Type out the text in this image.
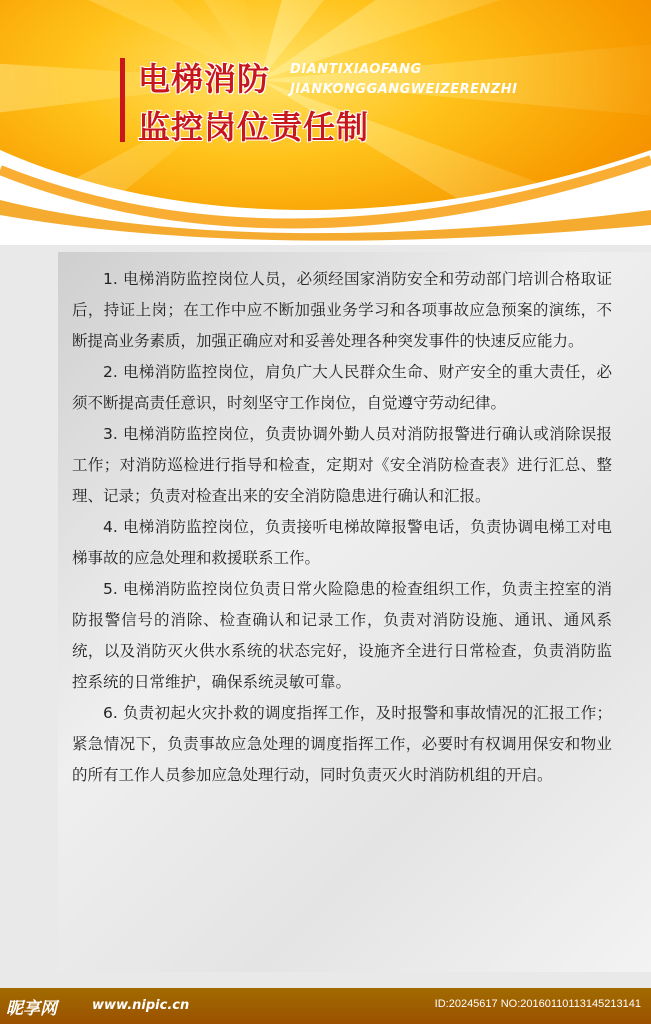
电梯消防
监控岗位责任制
DIANTIXIAOFANG
JIANKONGGANGWEIZERENZHI

1. 电梯消防监控岗位人员，必须经国家消防安全和劳动部门培训合格取证后，持证上岗；在工作中应不断加强业务学习和各项事故应急预案的演练，不断提高业务素质，加强正确应对和妥善处理各种突发事件的快速反应能力。

2. 电梯消防监控岗位，肩负广大人民群众生命、财产安全的重大责任，必须不断提高责任意识，时刻坚守工作岗位，自觉遵守劳动纪律。

3. 电梯消防监控岗位，负责协调外勤人员对消防报警进行确认或消除误报工作；对消防巡检进行指导和检查，定期对《安全消防检查表》进行汇总、整理、记录；负责对检查出来的安全消防隐患进行确认和汇报。

4. 电梯消防监控岗位，负责接听电梯故障报警电话，负责协调电梯工对电梯事故的应急处理和救援联系工作。

5. 电梯消防监控岗位负责日常火险隐患的检查组织工作，负责主控室的消防报警信号的消除、检查确认和记录工作，负责对消防设施、通讯、通风系统，以及消防灭火供水系统的状态完好，设施齐全进行日常检查，负责消防监控系统的日常维护，确保系统灵敏可靠。

6. 负责初起火灾扑救的调度指挥工作，及时报警和事故情况的汇报工作；紧急情况下，负责事故应急处理的调度指挥工作，必要时有权调用保安和物业的所有工作人员参加应急处理行动，同时负责灭火时消防机组的开启。

昵享网	www.nipic.cn	ID:20245617 NO:20160110113145213141
